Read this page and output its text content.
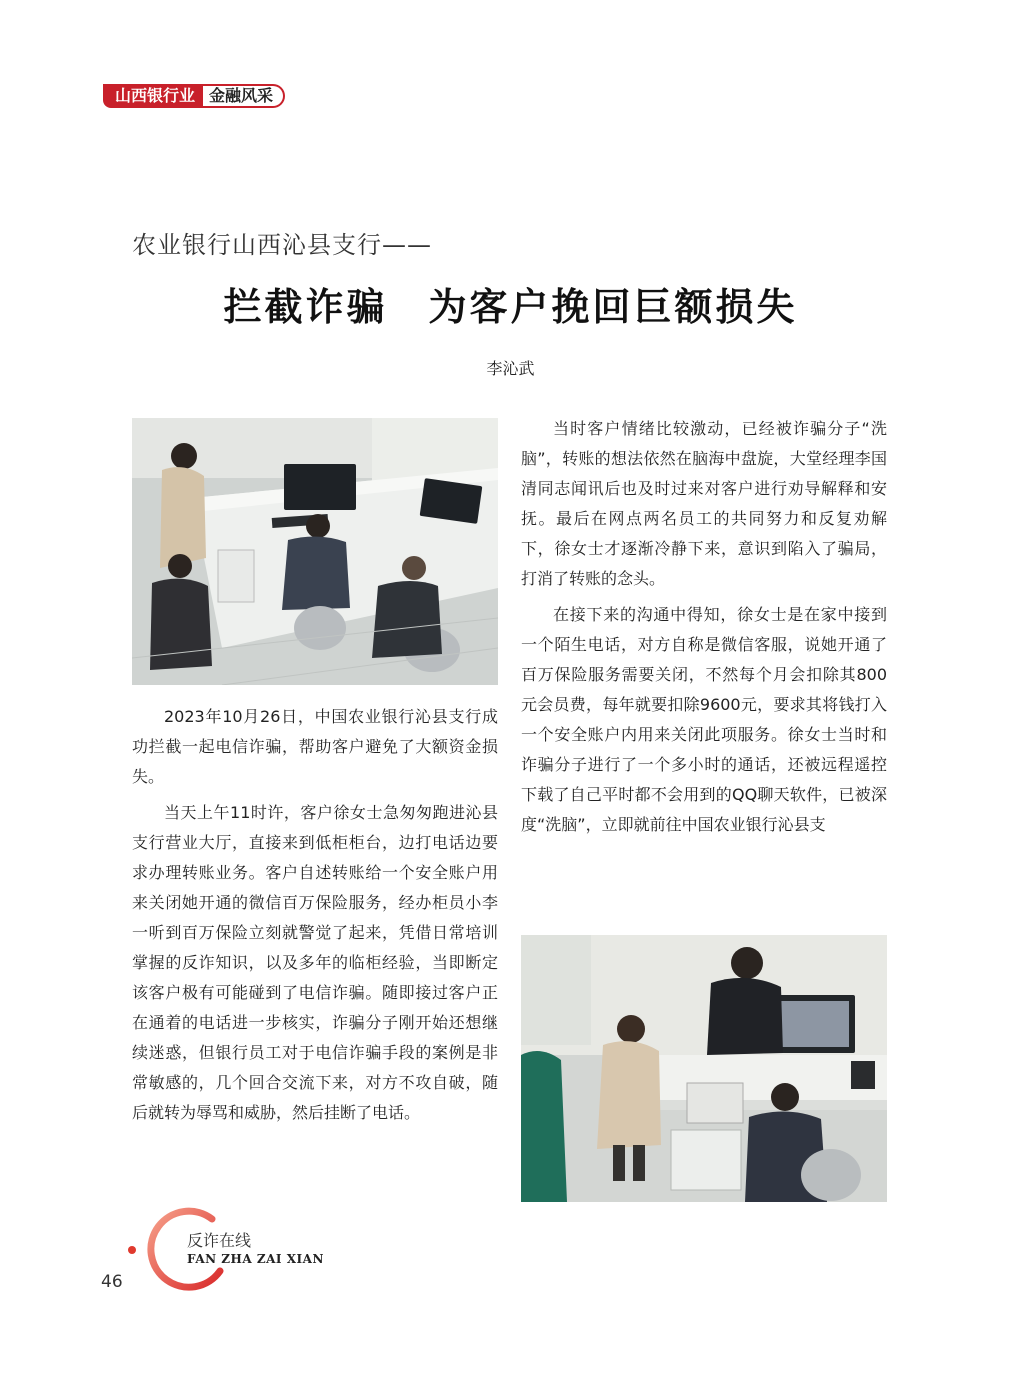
山西银行业 金融风采
农业银行山西沁县支行——
拦截诈骗　为客户挽回巨额损失
李沁武

2023年10月26日，中国农业银行沁县支行成功拦截一起电信诈骗，帮助客户避免了大额资金损失。

当天上午11时许，客户徐女士急匆匆跑进沁县支行营业大厅，直接来到低柜柜台，边打电话边要求办理转账业务。客户自述转账给一个安全账户用来关闭她开通的微信百万保险服务，经办柜员小李一听到百万保险立刻就警觉了起来，凭借日常培训掌握的反诈知识，以及多年的临柜经验，当即断定该客户极有可能碰到了电信诈骗。随即接过客户正在通着的电话进一步核实，诈骗分子刚开始还想继续迷惑，但银行员工对于电信诈骗手段的案例是非常敏感的，几个回合交流下来，对方不攻自破，随后就转为辱骂和威胁，然后挂断了电话。

当时客户情绪比较激动，已经被诈骗分子“洗脑”，转账的想法依然在脑海中盘旋，大堂经理李国清同志闻讯后也及时过来对客户进行劝导解释和安抚。最后在网点两名员工的共同努力和反复劝解下，徐女士才逐渐冷静下来，意识到陷入了骗局，打消了转账的念头。

在接下来的沟通中得知，徐女士是在家中接到一个陌生电话，对方自称是微信客服，说她开通了百万保险服务需要关闭，不然每个月会扣除其800元会员费，每年就要扣除9600元，要求其将钱打入一个安全账户内用来关闭此项服务。徐女士当时和诈骗分子进行了一个多小时的通话，还被远程遥控下载了自己平时都不会用到的QQ聊天软件，已被深度“洗脑”，立即就前往中国农业银行沁县支

反诈在线
FAN ZHA ZAI XIAN
46
